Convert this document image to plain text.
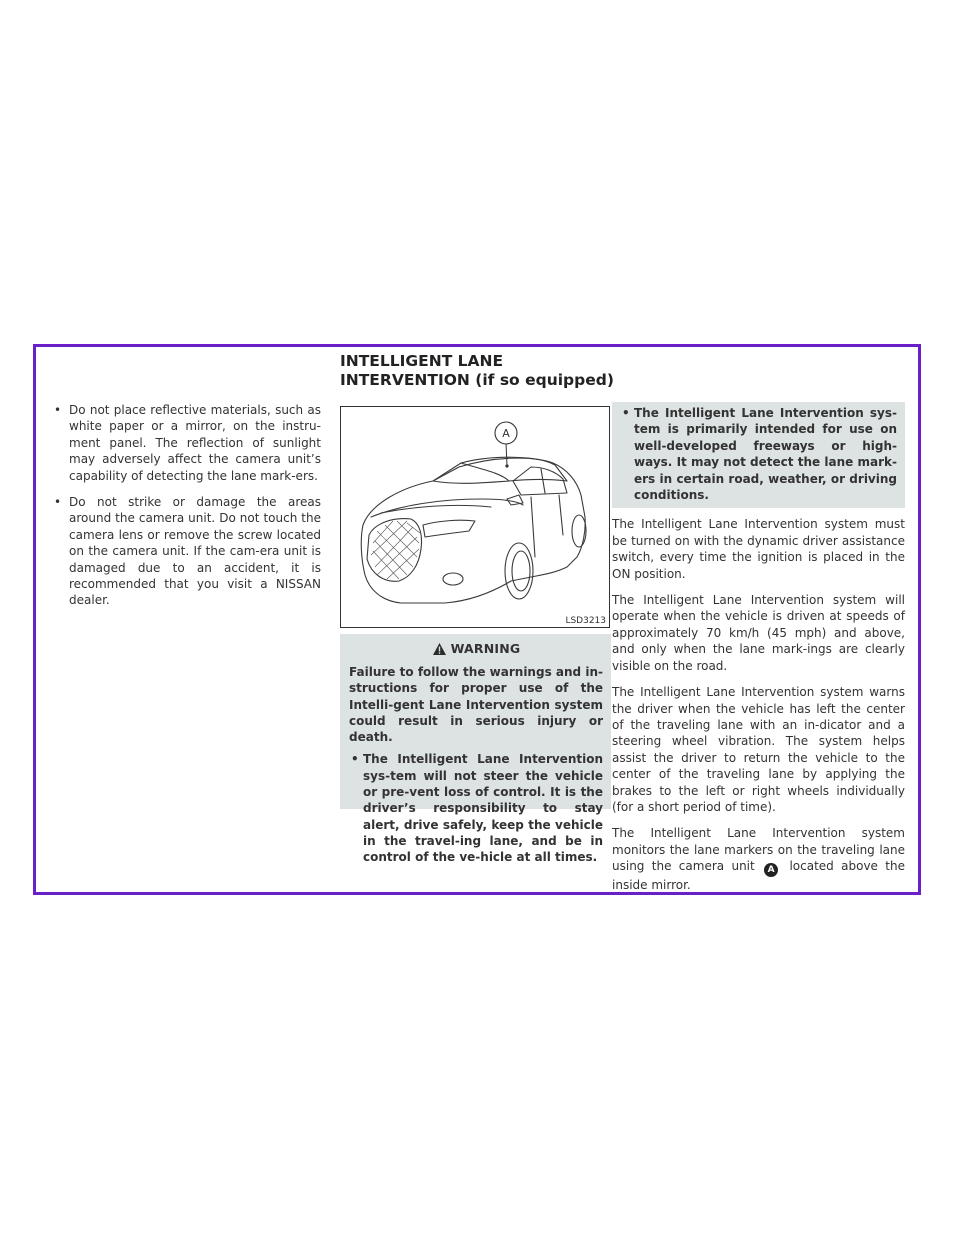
INTELLIGENT LANE INTERVENTION (if so equipped)

• Do not place reflective materials, such as white paper or a mirror, on the instru-ment panel. The reflection of sunlight may adversely affect the camera unit’s capability of detecting the lane mark-ers.

• Do not strike or damage the areas around the camera unit. Do not touch the camera lens or remove the screw located on the camera unit. If the cam-era unit is damaged due to an accident, it is recommended that you visit a NISSAN dealer.

A
LSD3213
WARNING

Failure to follow the warnings and in-structions for proper use of the Intelli-gent Lane Intervention system could result in serious injury or death.

• The Intelligent Lane Intervention sys-tem will not steer the vehicle or pre-vent loss of control. It is the driver’s responsibility to stay alert, drive safely, keep the vehicle in the travel-ing lane, and be in control of the ve-hicle at all times.

• The Intelligent Lane Intervention sys-tem is primarily intended for use on well-developed freeways or high-ways. It may not detect the lane mark-ers in certain road, weather, or driving conditions.

The Intelligent Lane Intervention system must be turned on with the dynamic driver assistance switch, every time the ignition is placed in the ON position.

The Intelligent Lane Intervention system will operate when the vehicle is driven at speeds of approximately 70 km/h (45 mph) and above, and only when the lane mark-ings are clearly visible on the road.

The Intelligent Lane Intervention system warns the driver when the vehicle has left the center of the traveling lane with an in-dicator and a steering wheel vibration. The system helps assist the driver to return the vehicle to the center of the traveling lane by applying the brakes to the left or right wheels individually (for a short period of time).

The Intelligent Lane Intervention system monitors the lane markers on the traveling lane using the camera unit A located above the inside mirror.
